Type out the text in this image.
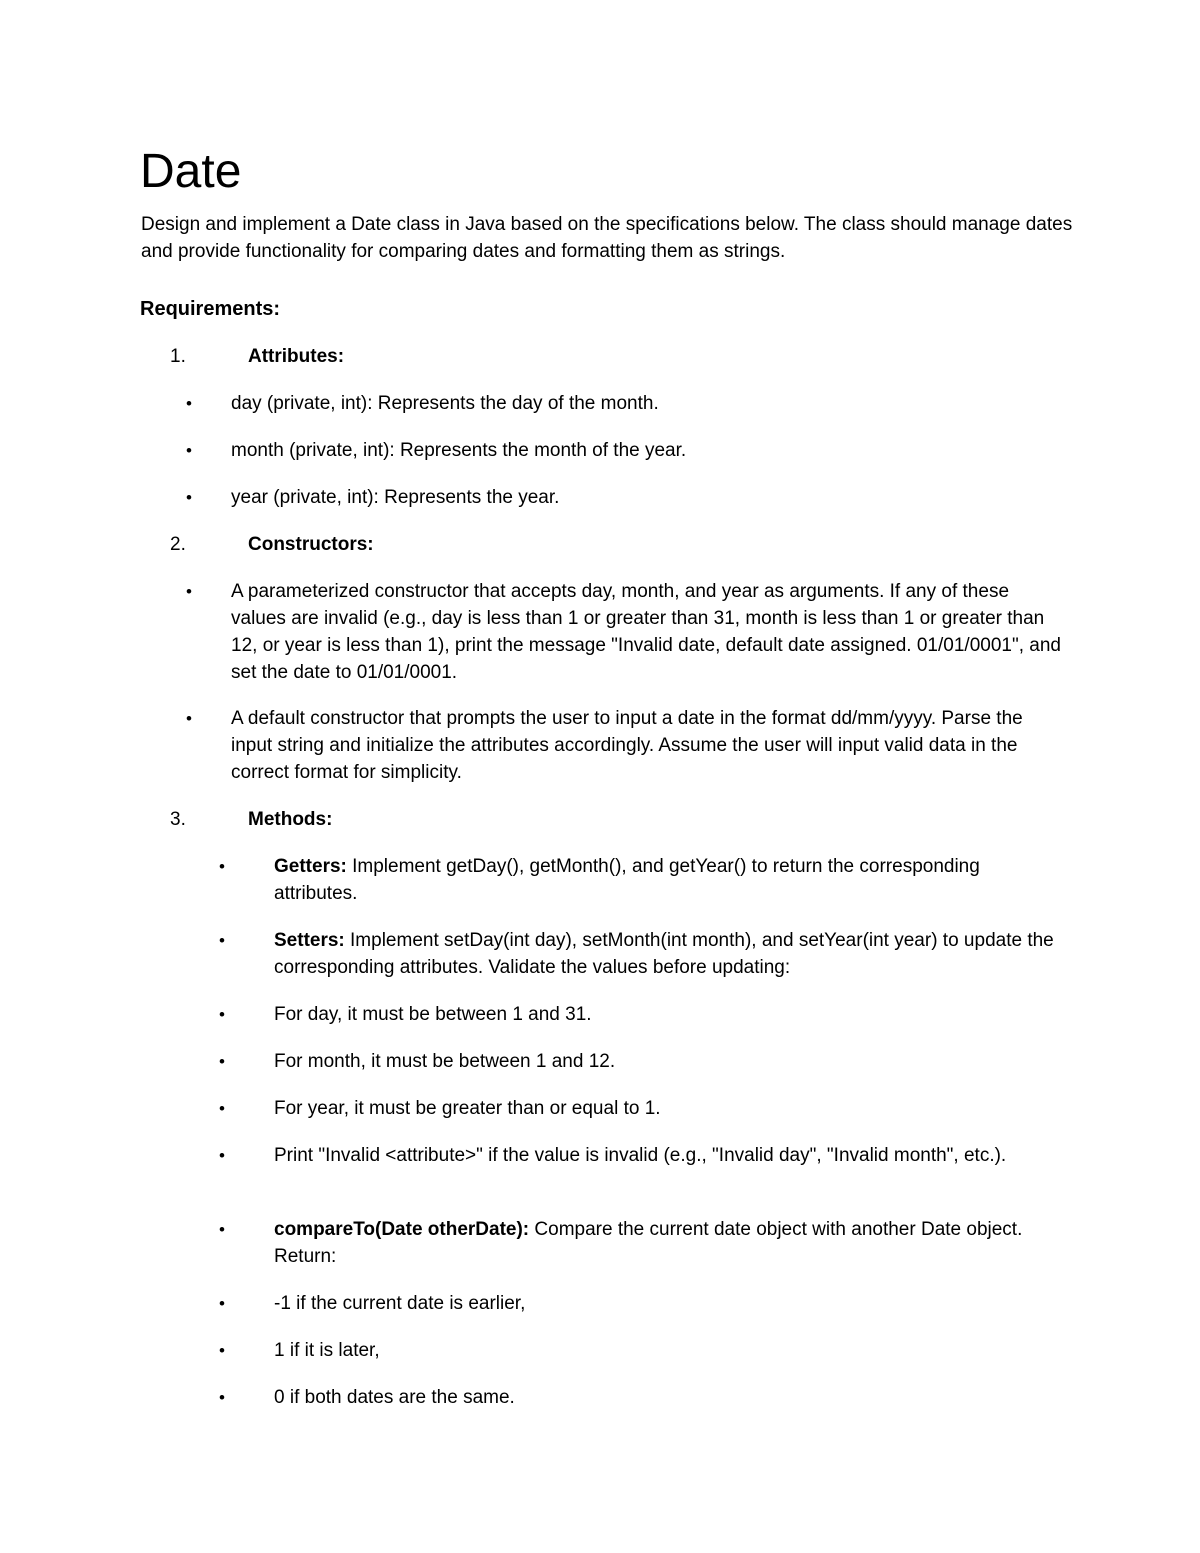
Date

Design and implement a Date class in Java based on the specifications below. The class should manage dates and provide functionality for comparing dates and formatting them as strings.

Requirements:
1.	Attributes:
• day (private, int): Represents the day of the month.
• month (private, int): Represents the month of the year.
• year (private, int): Represents the year.
2.	Constructors:
• A parameterized constructor that accepts day, month, and year as arguments. If any of these values are invalid (e.g., day is less than 1 or greater than 31, month is less than 1 or greater than 12, or year is less than 1), print the message "Invalid date, default date assigned. 01/01/0001", and set the date to 01/01/0001.
• A default constructor that prompts the user to input a date in the format dd/mm/yyyy. Parse the input string and initialize the attributes accordingly. Assume the user will input valid data in the correct format for simplicity.
3.	Methods:
•	Getters: Implement getDay(), getMonth(), and getYear() to return the corresponding attributes.
•	Setters: Implement setDay(int day), setMonth(int month), and setYear(int year) to update the corresponding attributes. Validate the values before updating:
•	For day, it must be between 1 and 31.
•	For month, it must be between 1 and 12.
•	For year, it must be greater than or equal to 1.
•	Print "Invalid <attribute>" if the value is invalid (e.g., "Invalid day", "Invalid month", etc.).
•	compareTo(Date otherDate): Compare the current date object with another Date object. Return:
•	-1 if the current date is earlier,
•	1 if it is later,
•	0 if both dates are the same.
